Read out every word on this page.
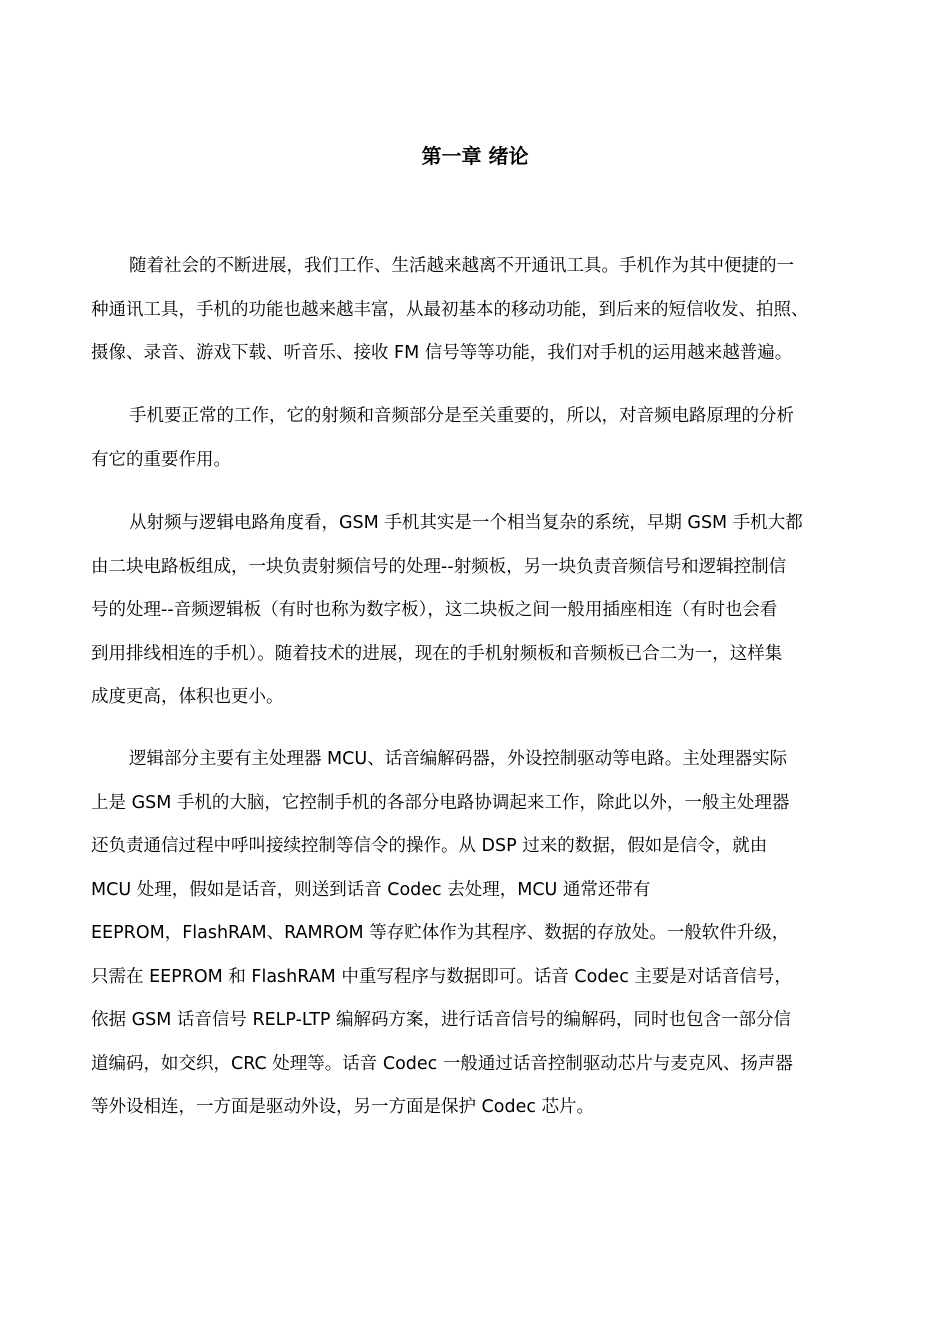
第一章 绪论
随着社会的不断进展，我们工作、生活越来越离不开通讯工具。手机作为其中便捷的一
种通讯工具，手机的功能也越来越丰富，从最初基本的移动功能，到后来的短信收发、拍照、
摄像、录音、游戏下载、听音乐、接收 FM 信号等等功能，我们对手机的运用越来越普遍。
手机要正常的工作，它的射频和音频部分是至关重要的，所以，对音频电路原理的分析
有它的重要作用。
从射频与逻辑电路角度看，GSM 手机其实是一个相当复杂的系统，早期 GSM 手机大都
由二块电路板组成，一块负责射频信号的处理--射频板，另一块负责音频信号和逻辑控制信
号的处理--音频逻辑板（有时也称为数字板），这二块板之间一般用插座相连（有时也会看
到用排线相连的手机）。随着技术的进展，现在的手机射频板和音频板已合二为一，这样集
成度更高，体积也更小。
逻辑部分主要有主处理器 MCU、话音编解码器，外设控制驱动等电路。主处理器实际
上是 GSM 手机的大脑，它控制手机的各部分电路协调起来工作，除此以外，一般主处理器
还负责通信过程中呼叫接续控制等信令的操作。从 DSP 过来的数据，假如是信令，就由
MCU 处理，假如是话音，则送到话音 Codec 去处理，MCU 通常还带有
EEPROM，FlashRAM、RAMROM 等存贮体作为其程序、数据的存放处。一般软件升级，
只需在 EEPROM 和 FlashRAM 中重写程序与数据即可。话音 Codec 主要是对话音信号，
依据 GSM 话音信号 RELP-LTP 编解码方案，进行话音信号的编解码，同时也包含一部分信
道编码，如交织，CRC 处理等。话音 Codec 一般通过话音控制驱动芯片与麦克风、扬声器
等外设相连，一方面是驱动外设，另一方面是保护 Codec 芯片。
